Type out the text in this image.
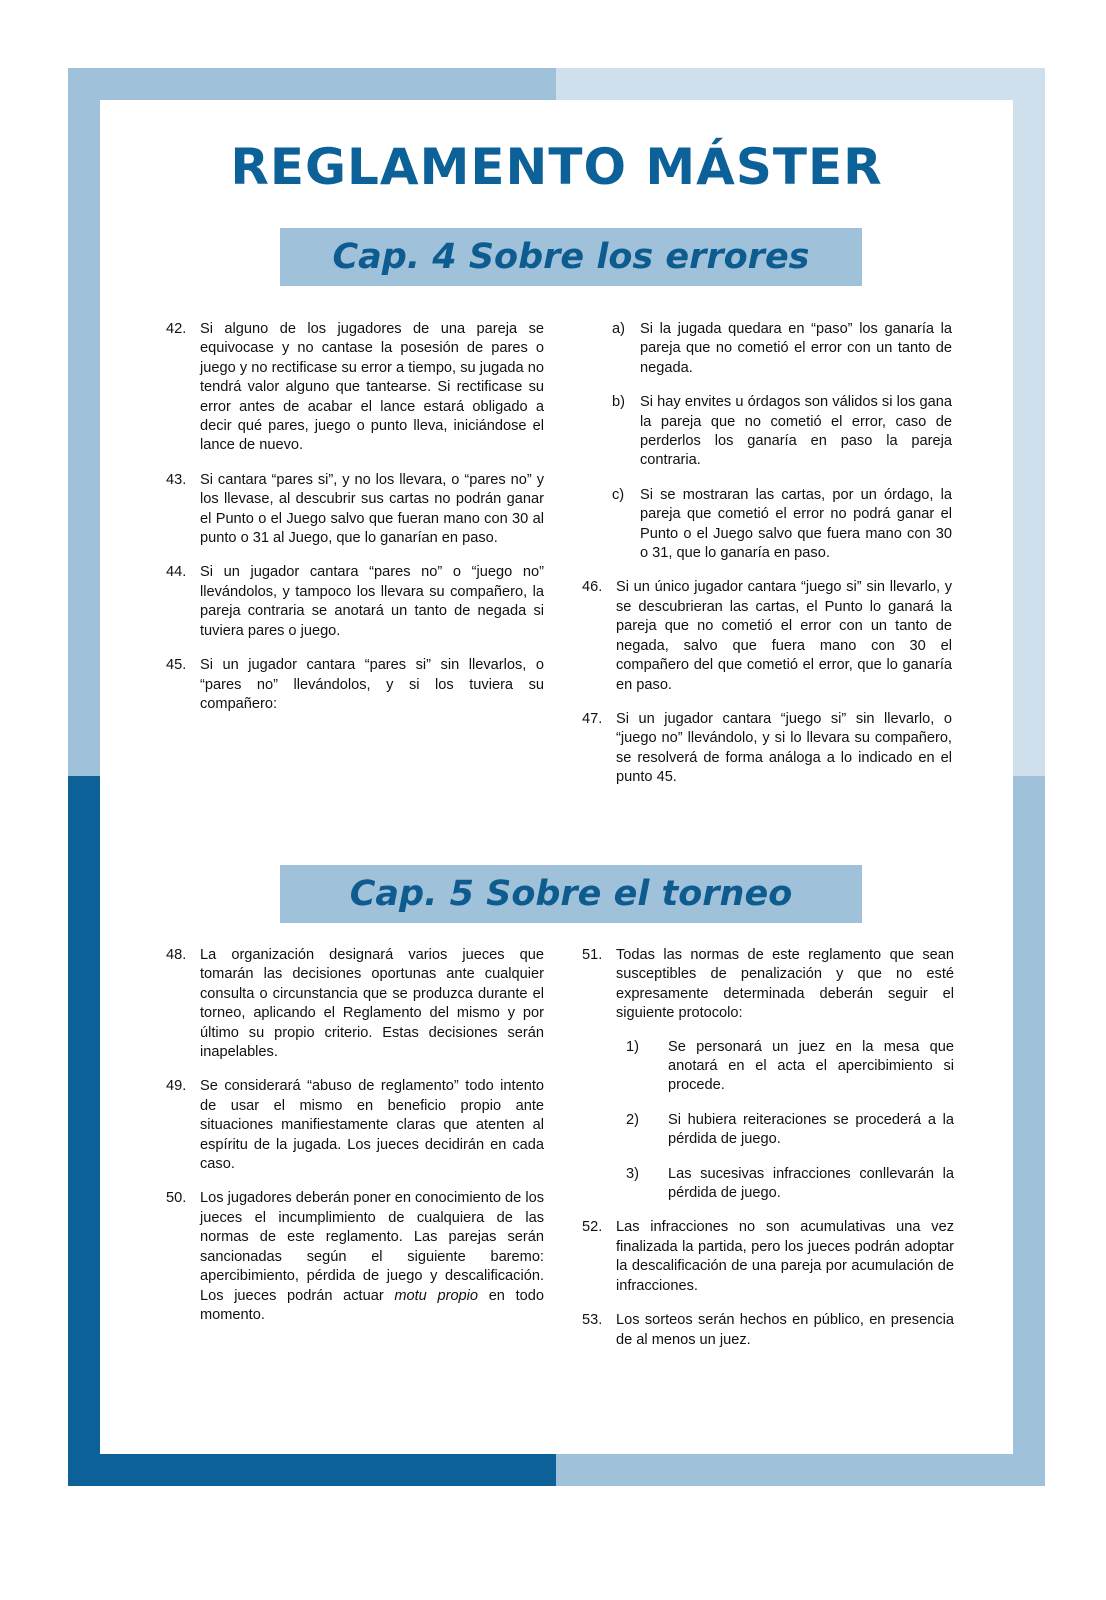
REGLAMENTO MÁSTER
Cap. 4 Sobre los errores
42. Si alguno de los jugadores de una pareja se equivocase y no cantase la posesión de pares o juego y no rectificase su error a tiempo, su jugada no tendrá valor alguno que tantearse. Si rectificase su error antes de acabar el lance estará obligado a decir qué pares, juego o punto lleva, iniciándose el lance de nuevo.
43. Si cantara “pares si”, y no los llevara, o “pares no” y los llevase, al descubrir sus cartas no podrán ganar el Punto o el Juego salvo que fueran mano con 30 al punto o 31 al Juego, que lo ganarían en paso.
44. Si un jugador cantara “pares no” o “juego no” llevándolos, y tampoco los llevara su compañero, la pareja contraria se anotará un tanto de negada si tuviera pares o juego.
45. Si un jugador cantara “pares si” sin llevarlos, o “pares no” llevándolos, y si los tuviera su compañero:
a)	Si la jugada quedara en “paso” los ganaría la pareja que no cometió el error con un tanto de negada.
b)	Si hay envites u órdagos son válidos si los gana la pareja que no cometió el error, caso de perderlos los ganaría en paso la pareja contraria.
c)	Si se mostraran las cartas, por un órdago, la pareja que cometió el error no podrá ganar el Punto o el Juego salvo que fuera mano con 30 o 31, que lo ganaría en paso.
46. Si un único jugador cantara “juego si” sin llevarlo, y se descubrieran las cartas, el Punto lo ganará la pareja que no cometió el error con un tanto de negada, salvo que fuera mano con 30 el compañero del que cometió el error, que lo ganaría en paso.
47. Si un jugador cantara “juego si” sin llevarlo, o “juego no” llevándolo, y si lo llevara su compañero, se resolverá de forma análoga a lo indicado en el punto 45.
Cap. 5 Sobre el torneo
48. La organización designará varios jueces que tomarán las decisiones oportunas ante cualquier consulta o circunstancia que se produzca durante el torneo, aplicando el Reglamento del mismo y por último su propio criterio. Estas decisiones serán inapelables.
49. Se considerará “abuso de reglamento” todo intento de usar el mismo en beneficio propio ante situaciones manifiestamente claras que atenten al espíritu de la jugada. Los jueces decidirán en cada caso.
50. Los jugadores deberán poner en conocimiento de los jueces el incumplimiento de cualquiera de las normas de este reglamento. Las parejas serán sancionadas según el siguiente baremo: apercibimiento, pérdida de juego y descalificación. Los jueces podrán actuar motu propio en todo momento.
51. Todas las normas de este reglamento que sean susceptibles de penalización y que no esté expresamente determinada deberán seguir el siguiente protocolo:
1)	Se personará un juez en la mesa que anotará en el acta el apercibimiento si procede.
2)	Si hubiera reiteraciones se procederá a la pérdida de juego.
3)	Las sucesivas infracciones conllevarán la pérdida de juego.
52. Las infracciones no son acumulativas una vez finalizada la partida, pero los jueces podrán adoptar la descalificación de una pareja por acumulación de infracciones.
53. Los sorteos serán hechos en público, en presencia de al menos un juez.
